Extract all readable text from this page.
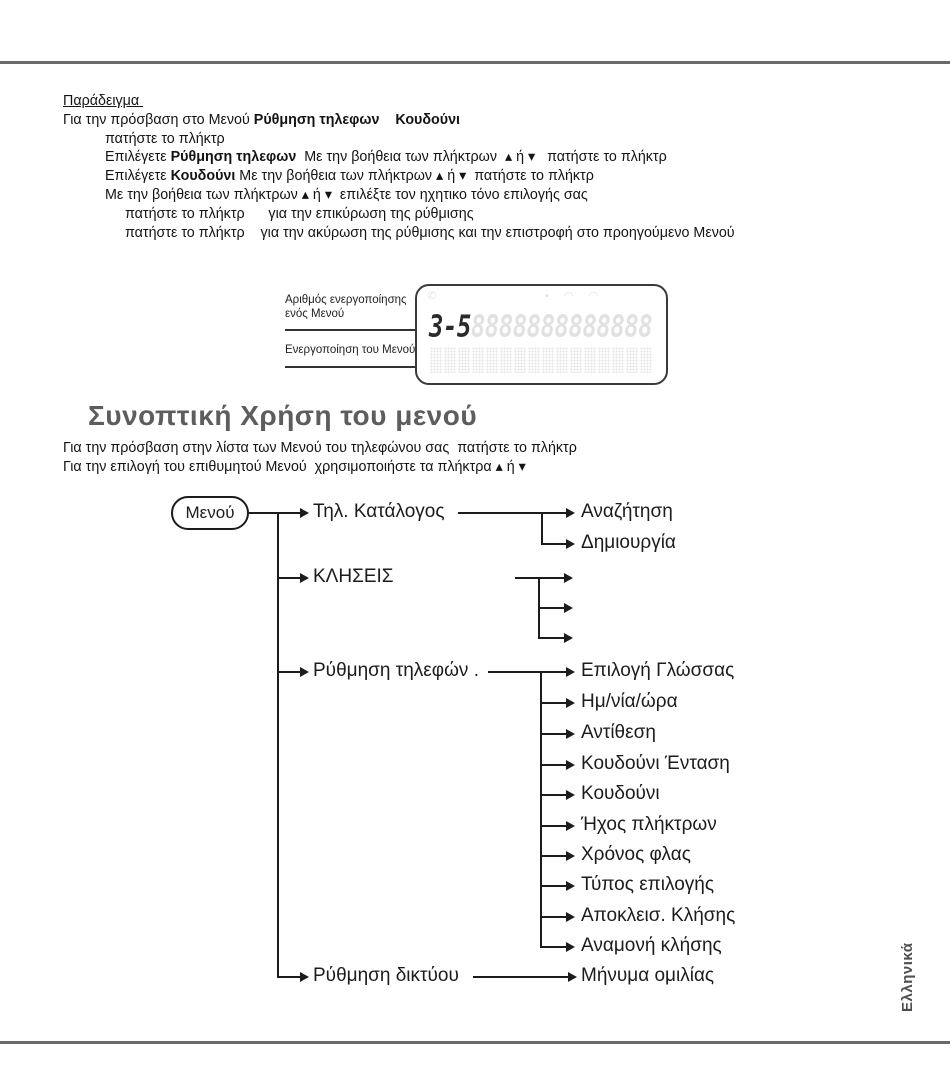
Παράδειγμα
Για την πρόσβαση στο Μενού Ρύθμηση τηλεφων    Κουδούνι
πατήστε το πλήκτρ
Επιλέγετε Ρύθμηση τηλεφων  Με την βοήθεια των πλήκτρων  ▴ ή ▾   πατήστε το πλήκτρ
Επιλέγετε Κουδούνι Με την βοήθεια των πλήκτρων ▴ ή ▾  πατήστε το πλήκτρ
Με την βοήθεια των πλήκτρων ▴ ή ▾  επιλέξτε τον ηχητικο τόνο επιλογής σας
πατήστε το πλήκτρ      για την επικύρωση της ρύθμισης
πατήστε το πλήκτρ    για την ακύρωση της ρύθμισης και την επιστροφή στο προηγούμενο Μενού
Αριθμός ενεργοποίησης
ενός Μενού
Ενεργοποίηση του Μενού
✆
▪ ◠ ◠
3-58888888888888
Συνοπτική Χρήση του μενού
Για την πρόσβαση στην λίστα των Μενού του τηλεφώνου σας  πατήστε το πλήκτρ
Για την επιλογή του επιθυμητού Μενού  χρησιμοποιήστε τα πλήκτρα ▴ ή ▾
Μενού	Τηλ. Κατάλογος	Αναζήτηση
Δημιουργία
ΚΛΗΣΕΙΣ
Ρύθμηση τηλεφών .	Επιλογή Γλώσσας
Ημ/νία/ώρα
Αντίθεση
Κουδούνι Ένταση
Κουδούνι
Ήχος πλήκτρων
Χρόνος φλας
Τύπος επιλογής
Αποκλεισ. Κλήσης
Αναμονή κλήσης
Ρύθμηση δικτύου	Μήνυμα ομιλίας	Ελληνικά
